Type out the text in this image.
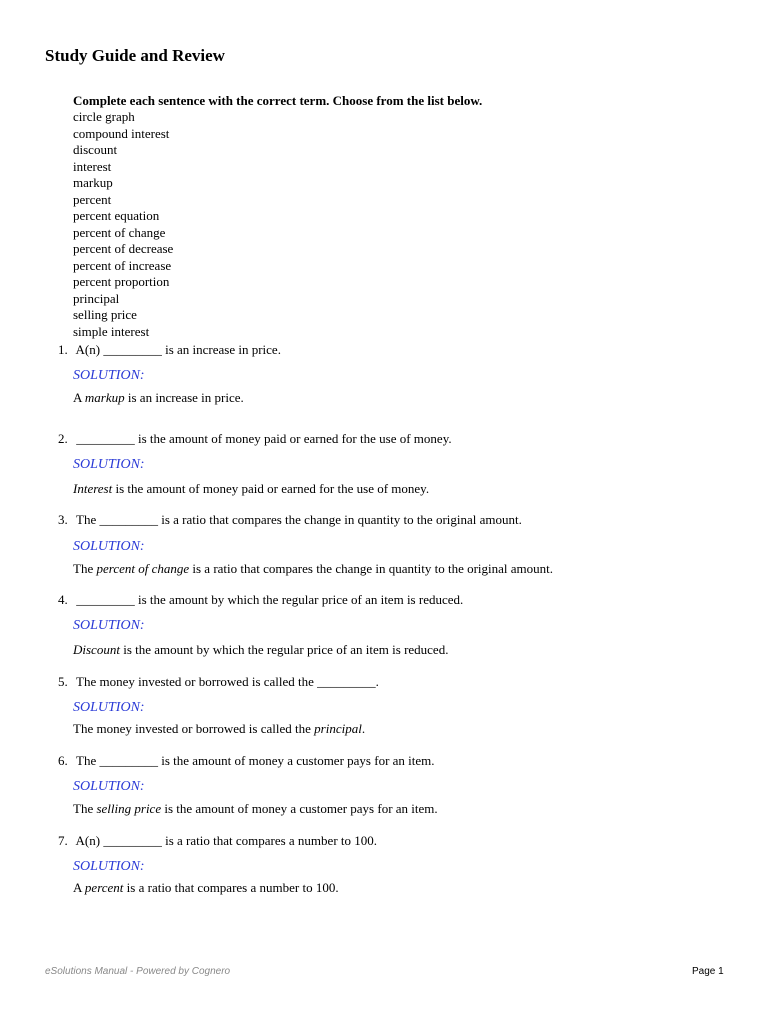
Study Guide and Review
Complete each sentence with the correct term. Choose from the list below.
circle graph
compound interest
discount
interest
markup
percent
percent equation
percent of change
percent of decrease
percent of increase
percent proportion
principal
selling price
simple interest
1. A(n) _________ is an increase in price.
SOLUTION:
A markup is an increase in price.
2. _________ is the amount of money paid or earned for the use of money.
SOLUTION:
Interest is the amount of money paid or earned for the use of money.
3. The _________ is a ratio that compares the change in quantity to the original amount.
SOLUTION:
The percent of change is a ratio that compares the change in quantity to the original amount.
4. _________ is the amount by which the regular price of an item is reduced.
SOLUTION:
Discount is the amount by which the regular price of an item is reduced.
5. The money invested or borrowed is called the _________.
SOLUTION:
The money invested or borrowed is called the principal.
6. The _________ is the amount of money a customer pays for an item.
SOLUTION:
The selling price is the amount of money a customer pays for an item.
7. A(n) _________ is a ratio that compares a number to 100.
SOLUTION:
A percent is a ratio that compares a number to 100.
eSolutions Manual - Powered by Cognero	Page 1
